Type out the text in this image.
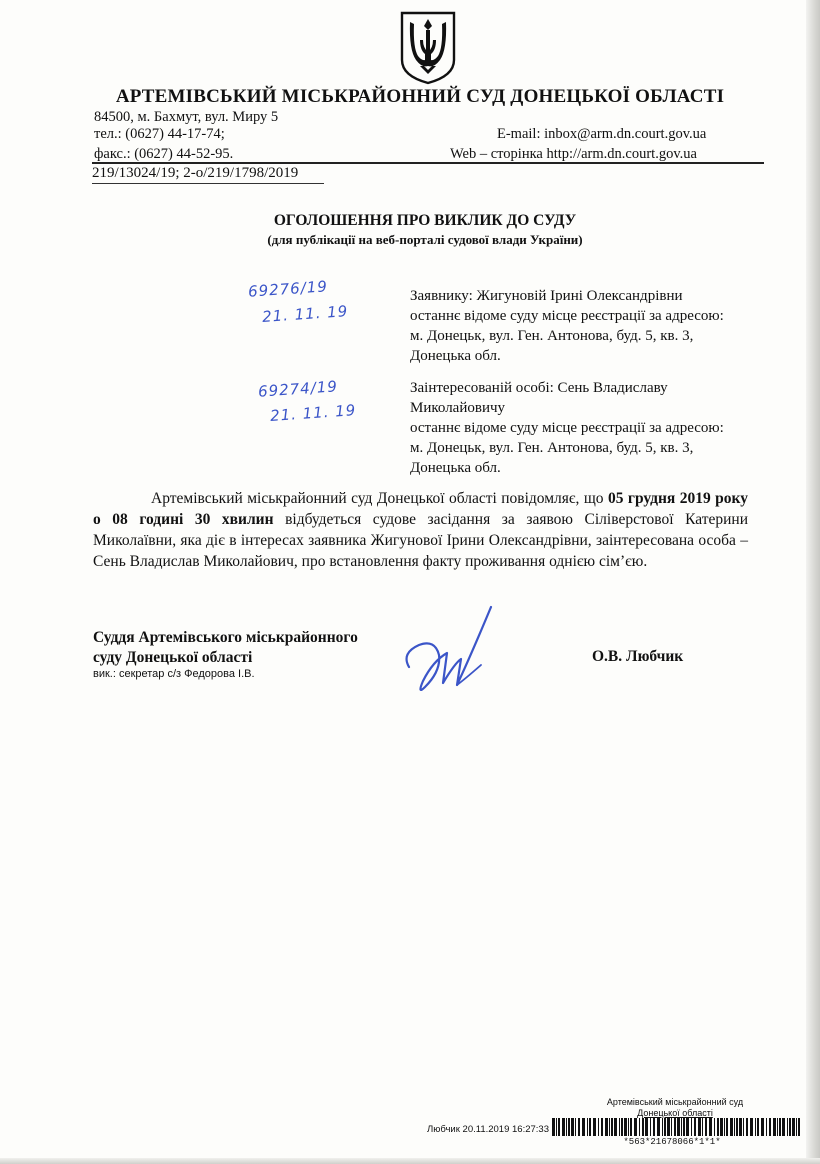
АРТЕМІВСЬКИЙ МІСЬКРАЙОННИЙ СУД ДОНЕЦЬКОЇ ОБЛАСТІ
84500, м. Бахмут, вул. Миру 5
тел.: (0627) 44-17-74;
факс.: (0627) 44-52-95.
E-mail: inbox@arm.dn.court.gov.ua
Web – сторінка http://arm.dn.court.gov.ua
219/13024/19; 2-о/219/1798/2019
ОГОЛОШЕННЯ ПРО ВИКЛИК ДО СУДУ
(для публікації на веб-порталі судової влади України)
69276/19
21. 11. 19
Заявнику: Жигуновій Ірині Олександрівни
останнє відоме суду місце реєстрації за адресою:
м. Донецьк, вул. Ген. Антонова, буд. 5, кв. 3,
Донецька обл.
69274/19
21. 11. 19
Заінтересованій особі: Сень Владиславу
Миколайовичу
останнє відоме суду місце реєстрації за адресою:
м. Донецьк, вул. Ген. Антонова, буд. 5, кв. 3,
Донецька обл.
Артемівський міськрайонний суд Донецької області повідомляє, що 05 грудня 2019 року о 08 годині 30 хвилин відбудеться судове засідання за заявою Сіліверстової Катерини Миколаївни, яка діє в інтересах заявника Жигунової Ірини Олександрівни, заінтересована особа – Сень Владислав Миколайович, про встановлення факту проживання однією сім’єю.
Суддя Артемівського міськрайонного
суду Донецької області
вик.: секретар с/з Федорова І.В.
О.В. Любчик
Артемівський міськрайонний суд
Донецької області
Любчик 20.11.2019 16:27:33
*563*21678066*1*1*
